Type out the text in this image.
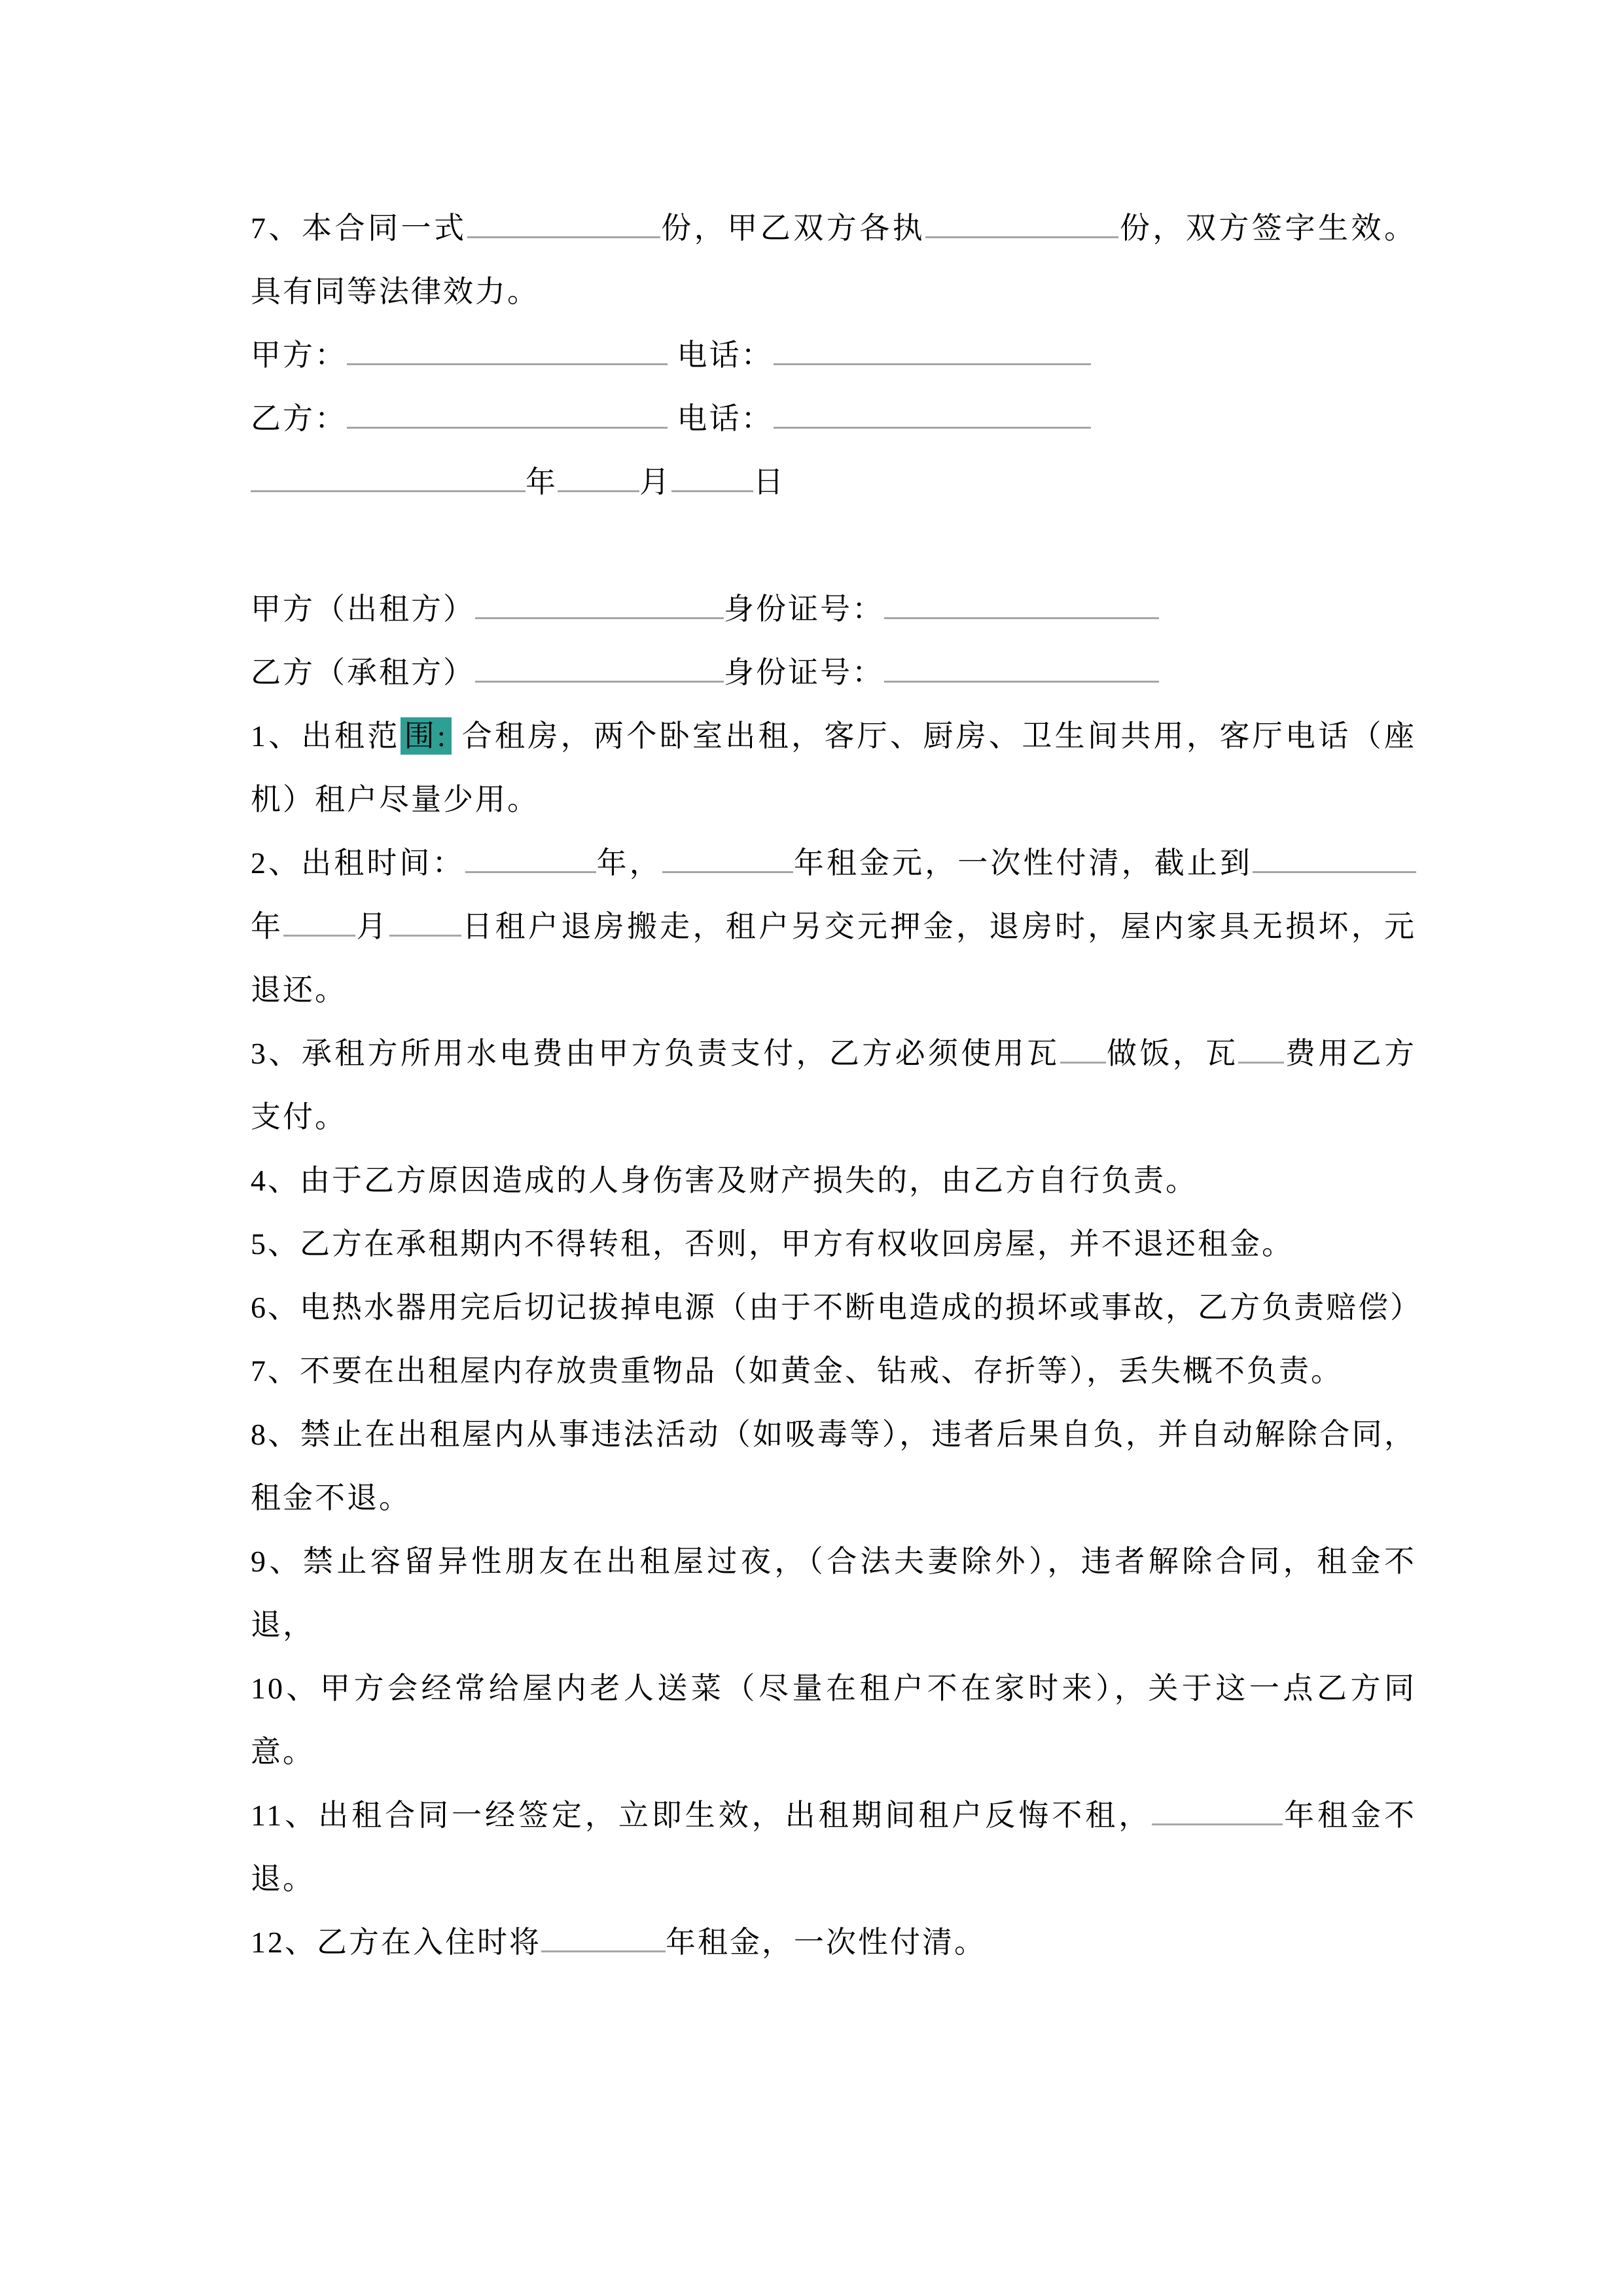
7、本合同一式	份，甲乙双方各执	份，双方签字生效。具有同等法律效力。

甲方：	电话：

乙方：	电话：

年	月	日

甲方（出租方）	身份证号：

乙方（承租方）	身份证号：

1、出租范 围: 合租房，两个卧室出租，客厅、厨房、卫生间共用，客厅电话（座机）租户尽量少用。

2、出租时间：	年，	年租金元，一次性付清，截止到年 月 日租户退房搬走，租户另交元押金，退房时，屋内家具无损坏，元退还。

3、承租方所用水电费由甲方负责支付，乙方必须使用瓦 做饭，瓦 费用乙方支付。

4、由于乙方原因造成的人身伤害及财产损失的，由乙方自行负责。

5、乙方在承租期内不得转租，否则，甲方有权收回房屋，并不退还租金。

6、电热水器用完后切记拔掉电源（由于不断电造成的损坏或事故，乙方负责赔偿）

7、不要在出租屋内存放贵重物品（如黄金、钻戒、存折等），丢失概不负责。

8、禁止在出租屋内从事违法活动（如吸毒等），违者后果自负，并自动解除合同，租金不退。

9、禁止容留异性朋友在出租屋过夜，（合法夫妻除外），违者解除合同，租金不退，

10、甲方会经常给屋内老人送菜（尽量在租户不在家时来），关于这一点乙方同意。

11、出租合同一经签定，立即生效，出租期间租户反悔不租，	年租金不退。

12、乙方在入住时将	年租金，一次性付清。
